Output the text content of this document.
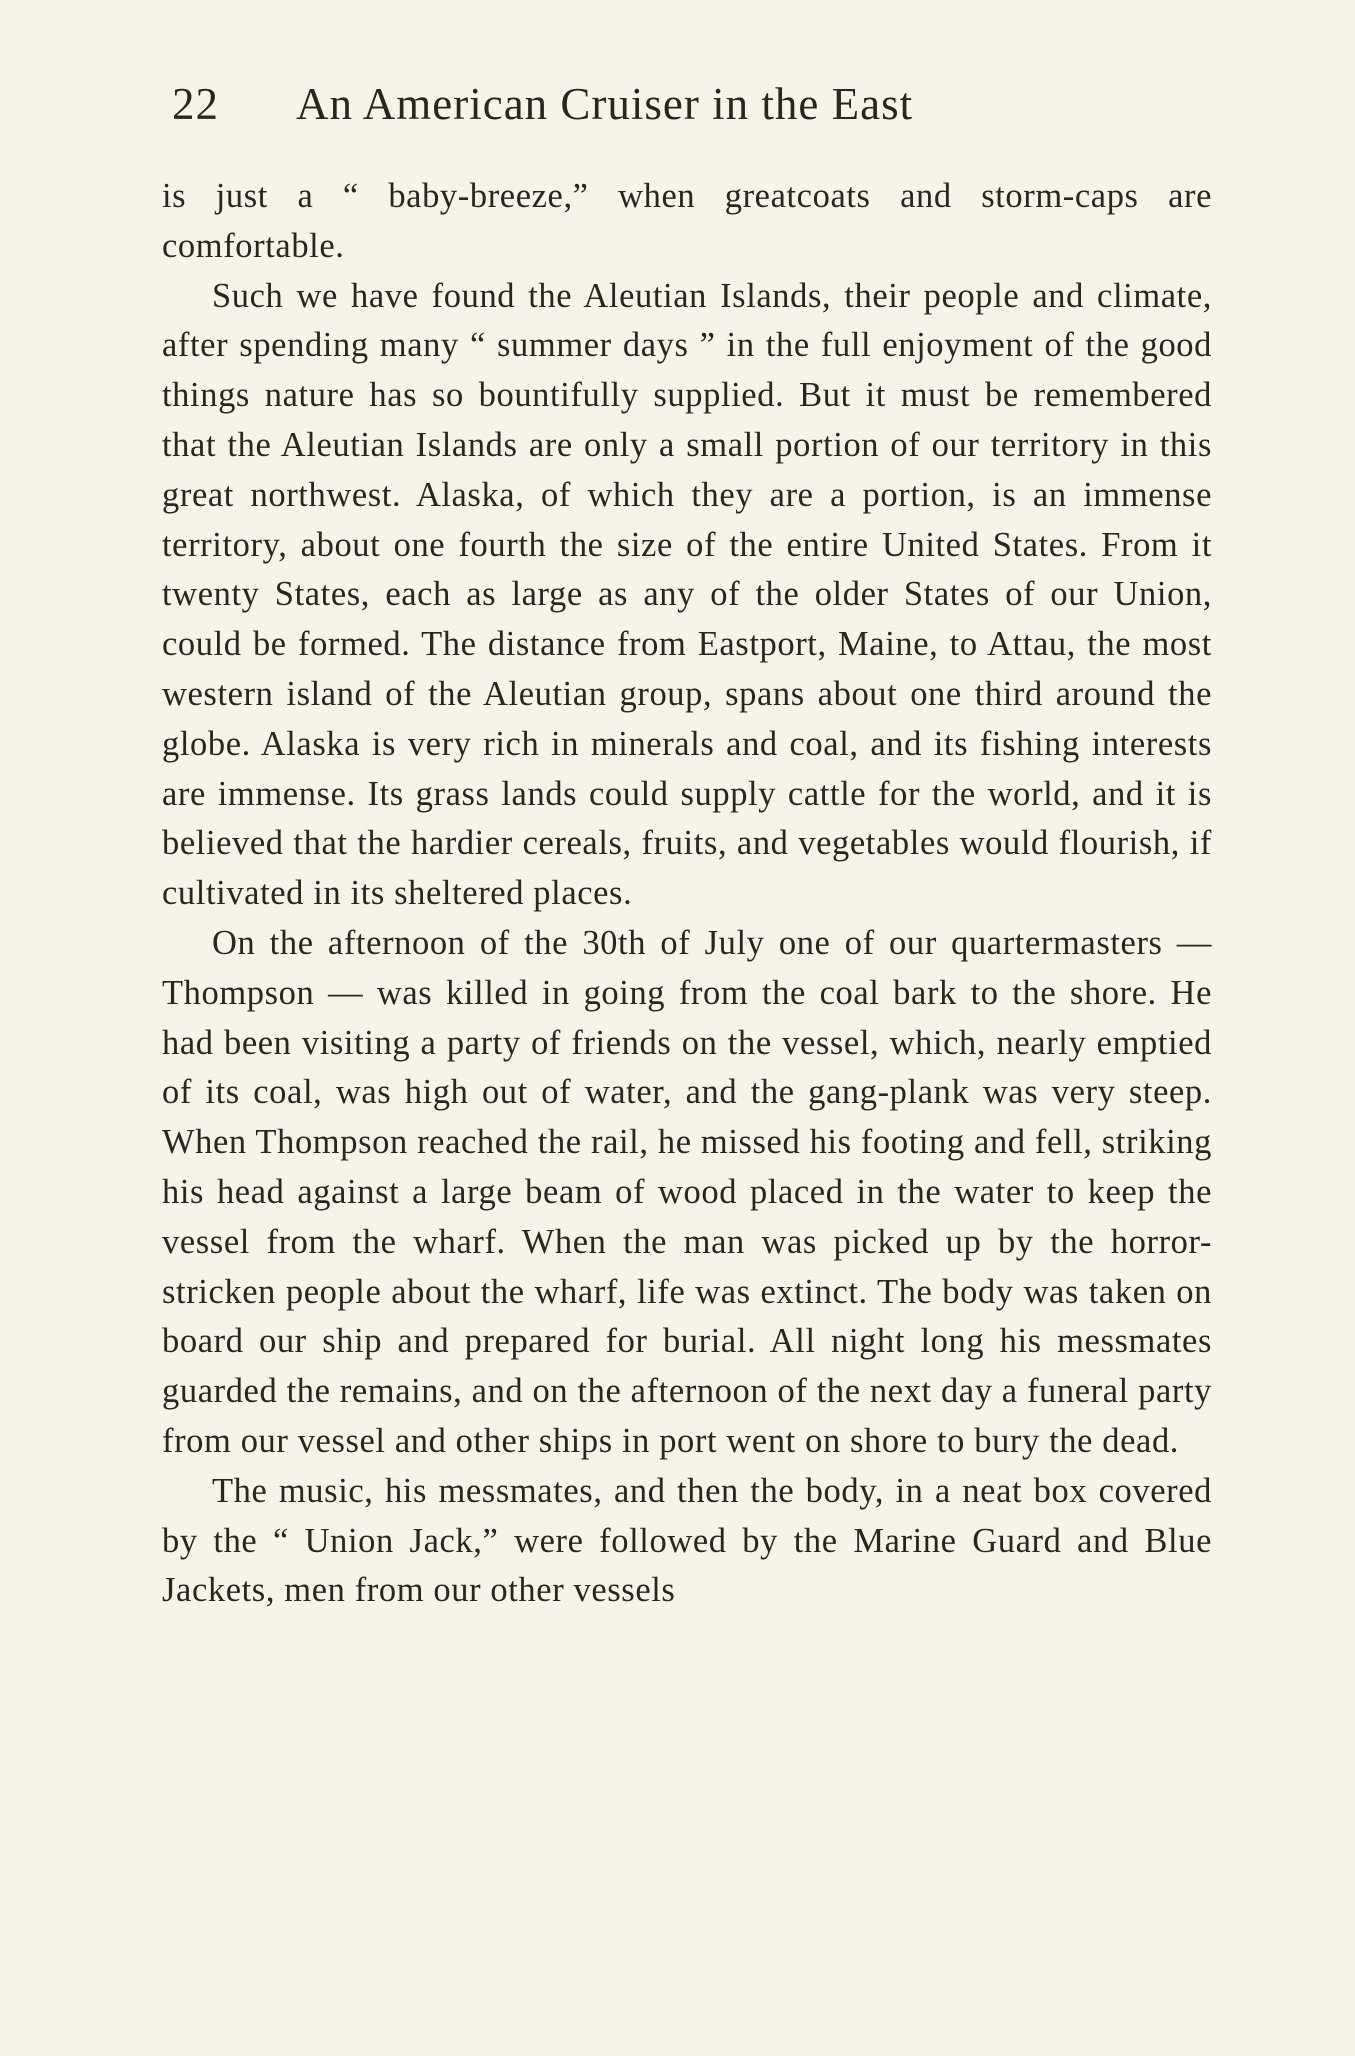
22 An American Cruiser in the East

is just a “ baby-breeze,” when greatcoats and storm-caps are comfortable.

Such we have found the Aleutian Islands, their people and climate, after spending many “ summer days ” in the full enjoyment of the good things nature has so bountifully supplied. But it must be remembered that the Aleutian Islands are only a small portion of our territory in this great northwest. Alaska, of which they are a portion, is an immense territory, about one fourth the size of the entire United States. From it twenty States, each as large as any of the older States of our Union, could be formed. The distance from Eastport, Maine, to Attau, the most western island of the Aleutian group, spans about one third around the globe. Alaska is very rich in minerals and coal, and its fishing interests are immense. Its grass lands could supply cattle for the world, and it is believed that the hardier cereals, fruits, and vegetables would flourish, if cultivated in its sheltered places.

On the afternoon of the 30th of July one of our quartermasters — Thompson — was killed in going from the coal bark to the shore. He had been visiting a party of friends on the vessel, which, nearly emptied of its coal, was high out of water, and the gang-plank was very steep. When Thompson reached the rail, he missed his footing and fell, striking his head against a large beam of wood placed in the water to keep the vessel from the wharf. When the man was picked up by the horror-stricken people about the wharf, life was extinct. The body was taken on board our ship and prepared for burial. All night long his messmates guarded the remains, and on the afternoon of the next day a funeral party from our vessel and other ships in port went on shore to bury the dead.

The music, his messmates, and then the body, in a neat box covered by the “ Union Jack,” were followed by the Marine Guard and Blue Jackets, men from our other vessels
